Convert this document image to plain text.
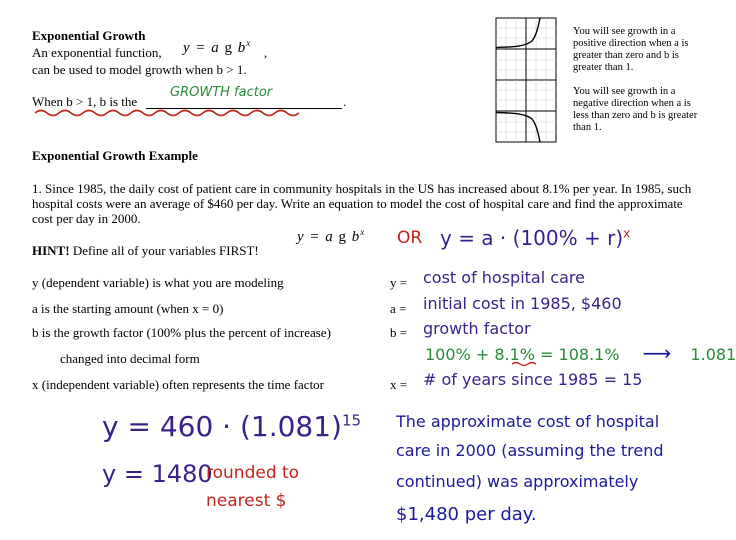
Exponential Growth
An exponential function, y = a g $b^x$
,
can be used to model growth when b > 1.
When b > 1, b is the	.
GROWTH factor
You will see growth in a positive direction when a is greater than zero and b is greater than 1.
You will see growth in a negative direction when a is less than zero and b is greater than 1.
Exponential Growth Example
1. Since 1985, the daily cost of patient care in community hospitals in the US has increased about 8.1% per year. In 1985, such hospital costs were an average of $460 per day. Write an equation to model the cost of hospital care and find the approximate cost per day in 2000.
HINT! Define all of your variables FIRST!
y = a g $b^x$ OR $y = a \cdot (100\% + r)^x$
y (dependent variable) is what you are modeling	y = cost of hospital care
a is the starting amount (when x = 0)	a = initial cost in 1985, $460
b is the growth factor (100% plus the percent of increase)	b = growth factor
changed into decimal form	100% + 8.1% = 108.1% ⟶ 1.081
x (independent variable) often represents the time factor	x = # of years since 1985 = 15
$y = 460 \cdot (1.081)^{15}$
y = 1480
rounded to
nearest $
The approximate cost of hospital
care in 2000 (assuming the trend
continued) was approximately
$1,480 per day.
